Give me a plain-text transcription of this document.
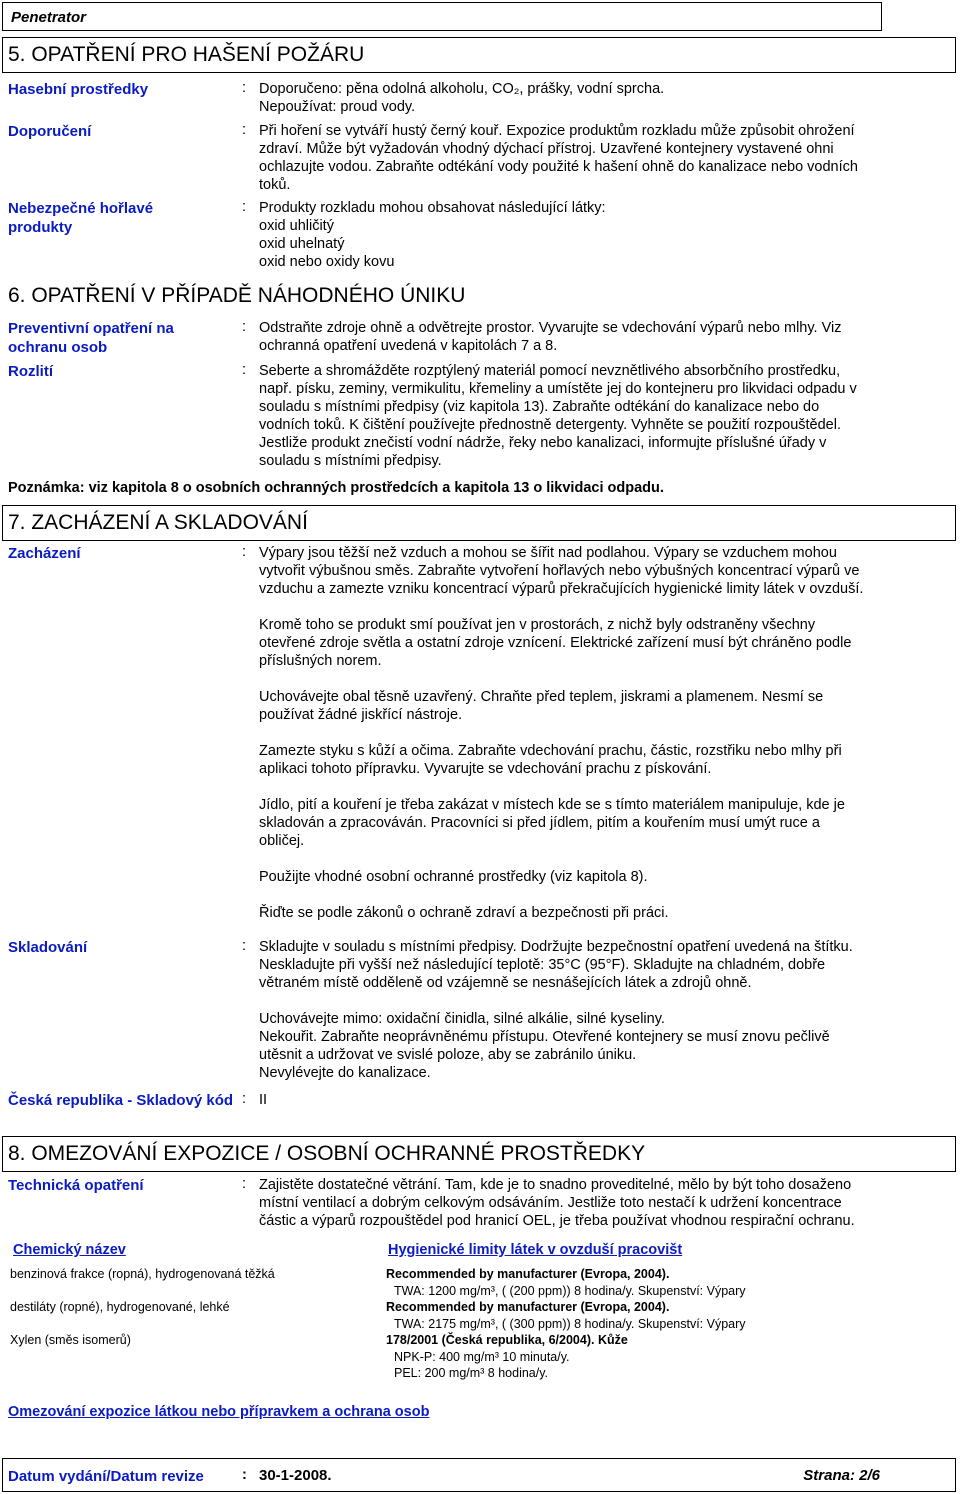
Penetrator
5. OPATŘENÍ PRO HAŠENÍ POŽÁRU
Hasební prostředky	: Doporučeno: pěna odolná alkoholu, CO₂, prášky, vodní sprcha.
Nepoužívat: proud vody.
Doporučení	: Při hoření se vytváří hustý černý kouř. Expozice produktům rozkladu může způsobit ohrožení
zdraví. Může být vyžadován vhodný dýchací přístroj. Uzavřené kontejnery vystavené ohni
ochlazujte vodou. Zabraňte odtékání vody použité k hašení ohně do kanalizace nebo vodních
toků.
Nebezpečné hořlavé produkty
: Produkty rozkladu mohou obsahovat následující látky:
oxid uhličitý
oxid uhelnatý
oxid nebo oxidy kovu
6. OPATŘENÍ V PŘÍPADĚ NÁHODNÉHO ÚNIKU
Preventivní opatření na ochranu osob
: Odstraňte zdroje ohně a odvětrejte prostor. Vyvarujte se vdechování výparů nebo mlhy. Viz
ochranná opatření uvedená v kapitolách 7 a 8.
Rozlití	: Seberte a shromážděte rozptýlený materiál pomocí nevznětlivého absorbčního prostředku,
např. písku, zeminy, vermikulitu, křemeliny a umístěte jej do kontejneru pro likvidaci odpadu v
souladu s místními předpisy (viz kapitola 13). Zabraňte odtékání do kanalizace nebo do
vodních toků. K čištění používejte přednostně detergenty. Vyhněte se použití rozpouštědel.
Jestliže produkt znečistí vodní nádrže, řeky nebo kanalizaci, informujte příslušné úřady v
souladu s místními předpisy.
Poznámka: viz kapitola 8 o osobních ochranných prostředcích a kapitola 13 o likvidaci odpadu.
7. ZACHÁZENÍ A SKLADOVÁNÍ
Zacházení	: Výpary jsou těžší než vzduch a mohou se šířit nad podlahou. Výpary se vzduchem mohou
vytvořit výbušnou směs. Zabraňte vytvoření hořlavých nebo výbušných koncentrací výparů ve
vzduchu a zamezte vzniku koncentrací výparů překračujících hygienické limity látek v ovzduší.
Kromě toho se produkt smí používat jen v prostorách, z nichž byly odstraněny všechny
otevřené zdroje světla a ostatní zdroje vznícení. Elektrické zařízení musí být chráněno podle
příslušných norem.
Uchovávejte obal těsně uzavřený. Chraňte před teplem, jiskrami a plamenem. Nesmí se
používat žádné jiskřící nástroje.
Zamezte styku s kůží a očima. Zabraňte vdechování prachu, částic, rozstřiku nebo mlhy při
aplikaci tohoto přípravku. Vyvarujte se vdechování prachu z pískování.
Jídlo, pití a kouření je třeba zakázat v místech kde se s tímto materiálem manipuluje, kde je
skladován a zpracováván. Pracovníci si před jídlem, pitím a kouřením musí umýt ruce a
obličej.
Použijte vhodné osobní ochranné prostředky (viz kapitola 8).
Řiďte se podle zákonů o ochraně zdraví a bezpečnosti při práci.
Skladování	: Skladujte v souladu s místními předpisy. Dodržujte bezpečnostní opatření uvedená na štítku.
Neskladujte při vyšší než následující teplotě: 35°C (95°F). Skladujte na chladném, dobře
větraném místě odděleně od vzájemně se nesnášejících látek a zdrojů ohně.
Uchovávejte mimo: oxidační činidla, silné alkálie, silné kyseliny.
Nekouřit. Zabraňte neoprávněnému přístupu. Otevřené kontejnery se musí znovu pečlivě
utěsnit a udržovat ve svislé poloze, aby se zabránilo úniku.
Nevylévejte do kanalizace.
Česká republika - Skladový kód : II
8. OMEZOVÁNÍ EXPOZICE / OSOBNÍ OCHRANNÉ PROSTŘEDKY
Technická opatření	: Zajistěte dostatečné větrání. Tam, kde je to snadno proveditelné, mělo by být toho dosaženo
místní ventilací a dobrým celkovým odsáváním. Jestliže toto nestačí k udržení koncentrace
částic a výparů rozpouštědel pod hranicí OEL, je třeba používat vhodnou respirační ochranu.
Chemický název	Hygienické limity látek v ovzduší pracovišt
benzinová frakce (ropná), hydrogenovaná těžká	Recommended by manufacturer (Evropa, 2004).
TWA: 1200 mg/m³, ( (200 ppm)) 8 hodina/y. Skupenství: Výpary
destiláty (ropné), hydrogenované, lehké	Recommended by manufacturer (Evropa, 2004).
TWA: 2175 mg/m³, ( (300 ppm)) 8 hodina/y. Skupenství: Výpary
Xylen (směs isomerů)	178/2001 (Česká republika, 6/2004). Kůže
NPK-P: 400 mg/m³ 10 minuta/y.
PEL: 200 mg/m³ 8 hodina/y.
Omezování expozice látkou nebo přípravkem a ochrana osob
Datum vydání/Datum revize	: 30-1-2008.	Strana: 2/6
